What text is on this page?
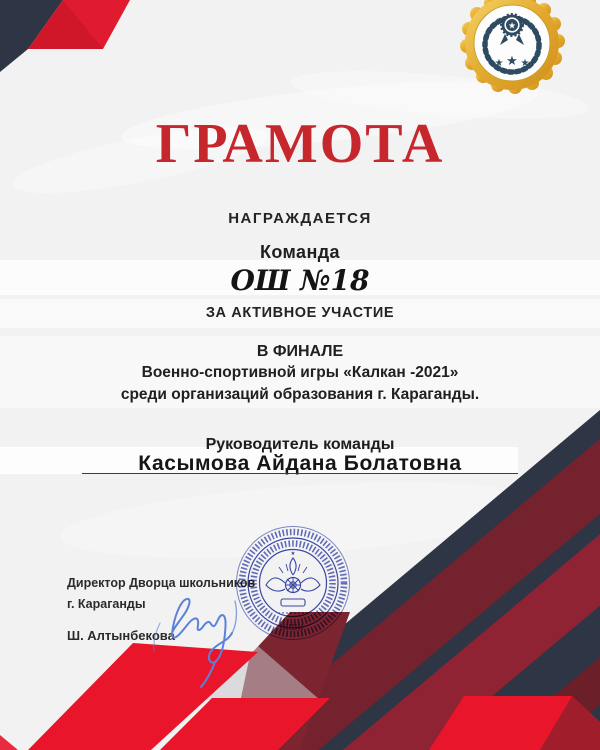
★
★ ★ ★
ГРАМОТА
НАГРАЖДАЕТСЯ
Команда
ОШ №18
ЗА АКТИВНОЕ УЧАСТИЕ
В ФИНАЛЕ
Военно-спортивной игры «Калкан -2021»
среди организаций образования г. Караганды.
Руководитель команды
Касымова Айдана Болатовна
Директор Дворца школьников
г. Караганды
Ш. Алтынбекова
★
